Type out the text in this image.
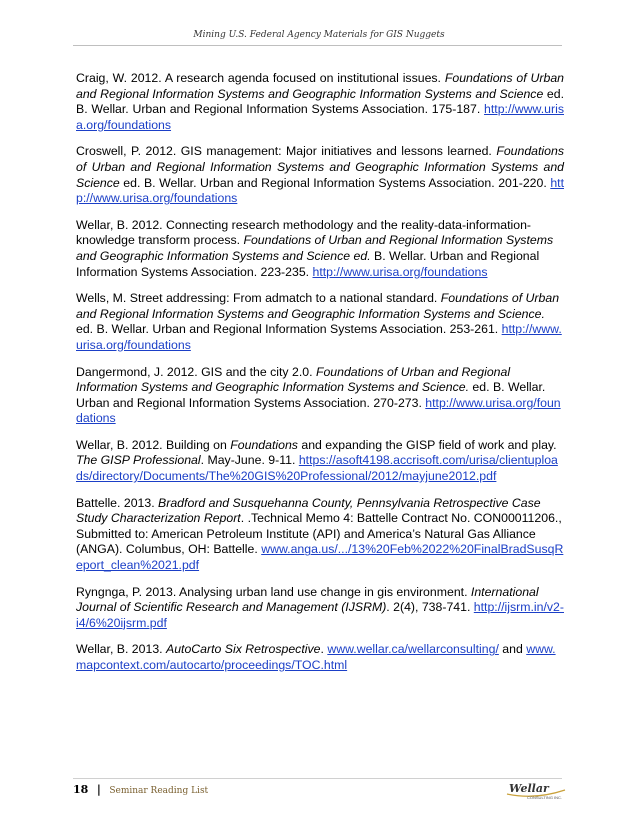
Mining U.S. Federal Agency Materials for GIS Nuggets

Craig, W. 2012. A research agenda focused on institutional issues. Foundations of Urban and Regional Information Systems and Geographic Information Systems and Science ed. B. Wellar. Urban and Regional Information Systems Association. 175-187. http://www.urisa.org/foundations

Croswell, P. 2012. GIS management: Major initiatives and lessons learned. Foundations of Urban and Regional Information Systems and Geographic Information Systems and Science ed. B. Wellar. Urban and Regional Information Systems Association. 201-220. http://www.urisa.org/foundations

Wellar, B. 2012. Connecting research methodology and the reality-data-information-knowledge transform process. Foundations of Urban and Regional Information Systems and Geographic Information Systems and Science ed. B. Wellar. Urban and Regional Information Systems Association. 223-235. http://www.urisa.org/foundations

Wells, M. Street addressing: From admatch to a national standard. Foundations of Urban and Regional Information Systems and Geographic Information Systems and Science. ed. B. Wellar. Urban and Regional Information Systems Association. 253-261. http://www.urisa.org/foundations

Dangermond, J. 2012. GIS and the city 2.0. Foundations of Urban and Regional Information Systems and Geographic Information Systems and Science. ed. B. Wellar. Urban and Regional Information Systems Association. 270-273. http://www.urisa.org/foundations

Wellar, B. 2012. Building on Foundations and expanding the GISP field of work and play. The GISP Professional. May-June. 9-11. https://asoft4198.accrisoft.com/urisa/clientuploads/directory/Documents/The%20GIS%20Professional/2012/mayjune2012.pdf

Battelle. 2013. Bradford and Susquehanna County, Pennsylvania Retrospective Case Study Characterization Report. .Technical Memo 4: Battelle Contract No. CON00011206., Submitted to: American Petroleum Institute (API) and America’s Natural Gas Alliance (ANGA). Columbus, OH: Battelle. www.anga.us/.../13%20Feb%2022%20FinalBradSusqReport_clean%2021.pdf

Ryngnga, P. 2013. Analysing urban land use change in gis environment. International Journal of Scientific Research and Management (IJSRM). 2(4), 738-741. http://ijsrm.in/v2-i4/6%20ijsrm.pdf

Wellar, B. 2013. AutoCarto Six Retrospective. www.wellar.ca/wellarconsulting/ and www.mapcontext.com/autocarto/proceedings/TOC.html

18 | Seminar Reading List	Wellar
CONSULTING INC.
